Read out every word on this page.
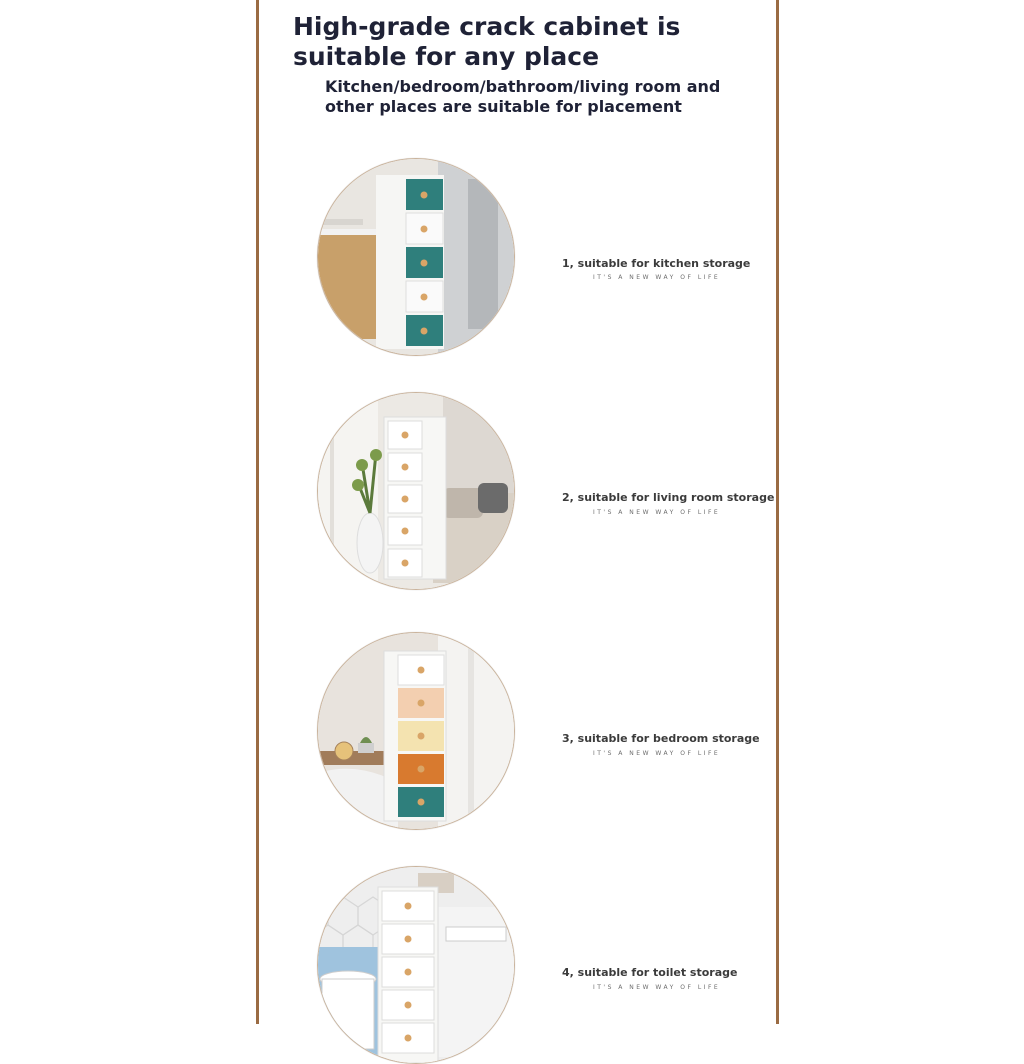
High-grade crack cabinet is
suitable for any place
Kitchen/bedroom/bathroom/living room and
other places are suitable for placement
1, suitable for kitchen storage
IT'S A NEW WAY OF LIFE
2, suitable for living room storage
IT'S A NEW WAY OF LIFE
3, suitable for bedroom storage
IT'S A NEW WAY OF LIFE
4, suitable for toilet storage
IT'S A NEW WAY OF LIFE
